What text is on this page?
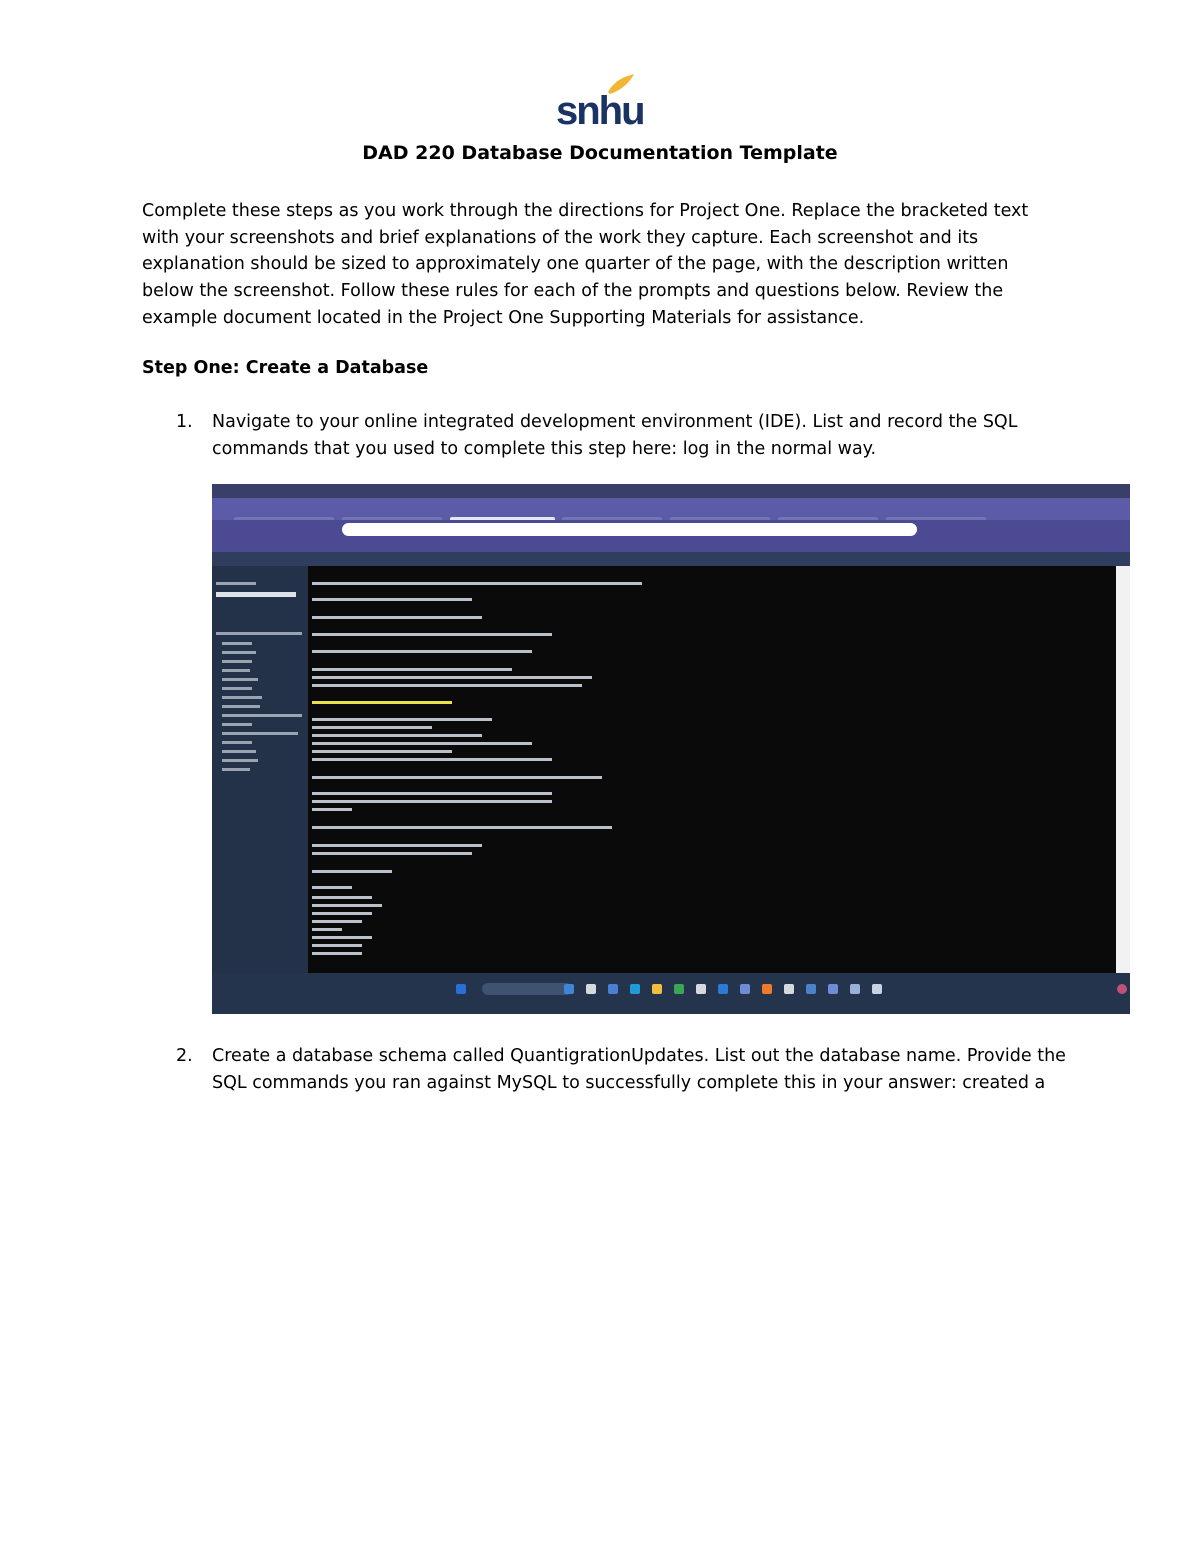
snhu
DAD 220 Database Documentation Template
Complete these steps as you work through the directions for Project One. Replace the bracketed text with your screenshots and brief explanations of the work they capture. Each screenshot and its explanation should be sized to approximately one quarter of the page, with the description written below the screenshot. Follow these rules for each of the prompts and questions below. Review the example document located in the Project One Supporting Materials for assistance.
Step One: Create a Database
1. Navigate to your online integrated development environment (IDE). List and record the SQL commands that you used to complete this step here: log in the normal way.
2. Create a database schema called QuantigrationUpdates. List out the database name. Provide the SQL commands you ran against MySQL to successfully complete this in your answer: created a
